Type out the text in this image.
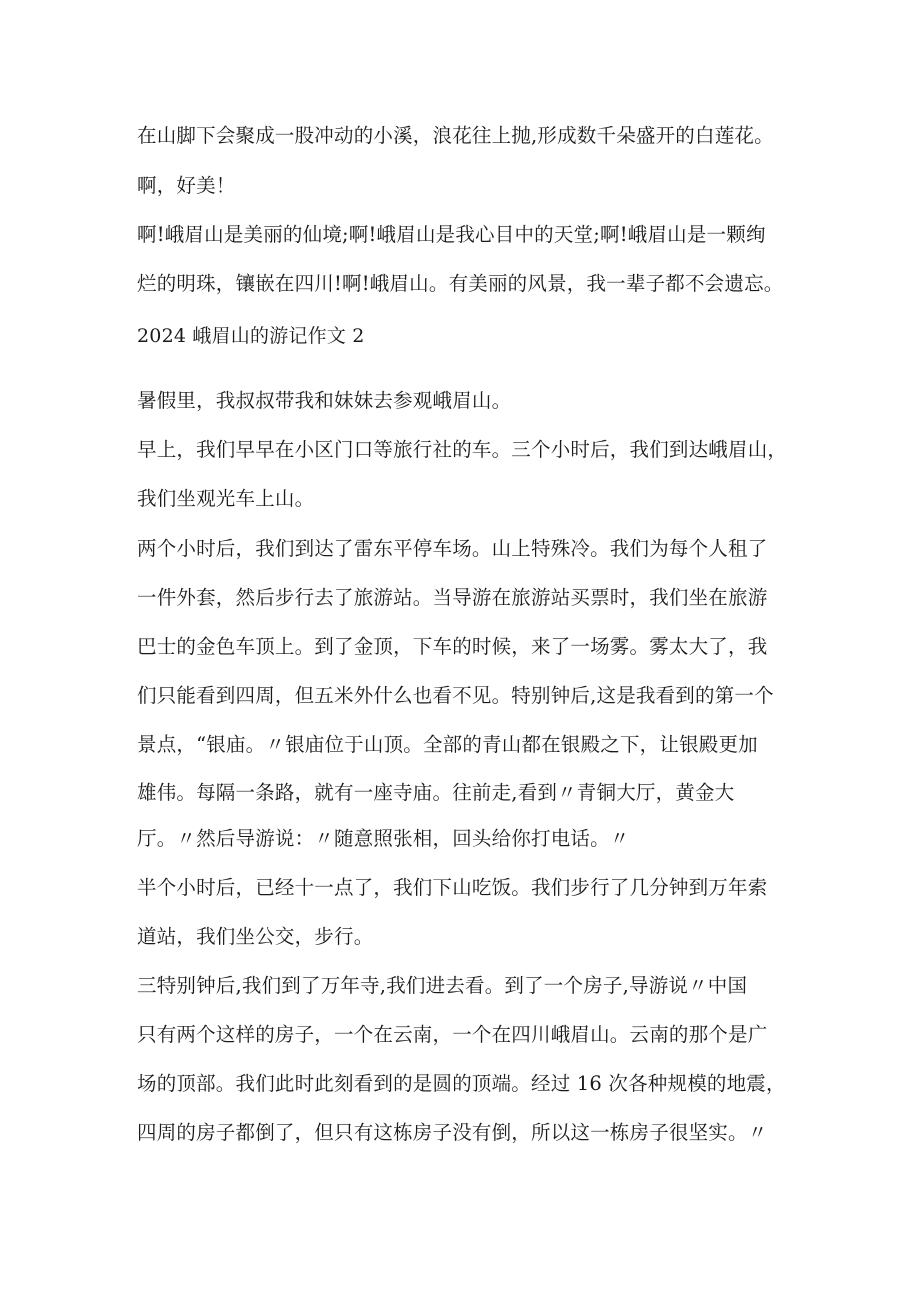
在山脚下会聚成一股冲动的小溪，浪花往上抛,形成数千朵盛开的白莲花。
啊，好美！
啊!峨眉山是美丽的仙境;啊!峨眉山是我心目中的天堂;啊!峨眉山是一颗绚
烂的明珠，镶嵌在四川!啊!峨眉山。有美丽的风景，我一辈子都不会遗忘。
2024 峨眉山的游记作文 2
暑假里，我叔叔带我和妹妹去参观峨眉山。
早上，我们早早在小区门口等旅行社的车。三个小时后，我们到达峨眉山，
我们坐观光车上山。
两个小时后，我们到达了雷东平停车场。山上特殊冷。我们为每个人租了
一件外套，然后步行去了旅游站。当导游在旅游站买票时，我们坐在旅游
巴士的金色车顶上。到了金顶，下车的时候，来了一场雾。雾太大了，我
们只能看到四周，但五米外什么也看不见。特别钟后,这是我看到的第一个
景点，“银庙。〃银庙位于山顶。全部的青山都在银殿之下，让银殿更加
雄伟。每隔一条路，就有一座寺庙。往前走,看到〃青铜大厅，黄金大
厅。〃然后导游说：〃随意照张相，回头给你打电话。〃
半个小时后，已经十一点了，我们下山吃饭。我们步行了几分钟到万年索
道站，我们坐公交，步行。
三特别钟后,我们到了万年寺,我们进去看。到了一个房子,导游说〃中国
只有两个这样的房子，一个在云南，一个在四川峨眉山。云南的那个是广
场的顶部。我们此时此刻看到的是圆的顶端。经过 16 次各种规模的地震，
四周的房子都倒了，但只有这栋房子没有倒，所以这一栋房子很坚实。〃
